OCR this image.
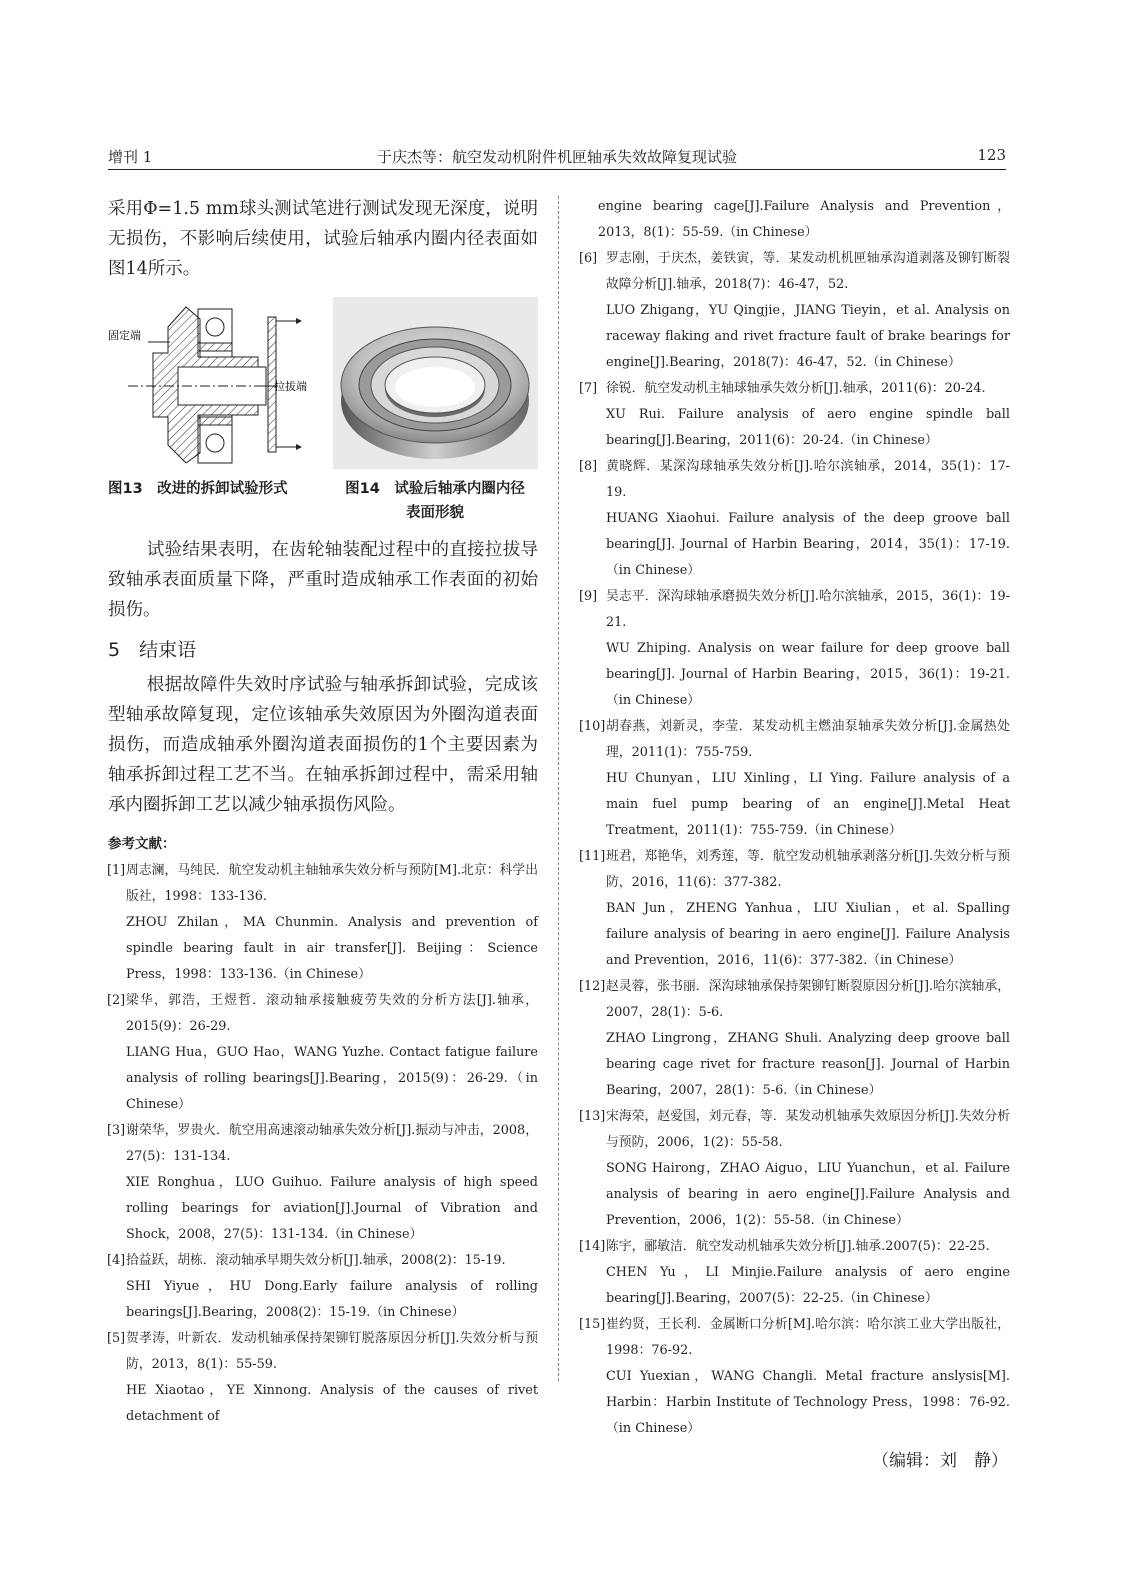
增刊 1	于庆杰等：航空发动机附件机匣轴承失效故障复现试验	123

采用Φ=1.5 mm球头测试笔进行测试发现无深度，说明无损伤，不影响后续使用，试验后轴承内圈内径表面如图14所示。

固定端
拉拔端
图13　改进的拆卸试验形式	图14　试验后轴承内圈内径
表面形貌

试验结果表明，在齿轮轴装配过程中的直接拉拔导致轴承表面质量下降，严重时造成轴承工作表面的初始损伤。

5　结束语

根据故障件失效时序试验与轴承拆卸试验，完成该型轴承故障复现，定位该轴承失效原因为外圈沟道表面损伤，而造成轴承外圈沟道表面损伤的1个主要因素为轴承拆卸过程工艺不当。在轴承拆卸过程中，需采用轴承内圈拆卸工艺以减少轴承损伤风险。

参考文献：
[1] 周志澜，马纯民．航空发动机主轴轴承失效分析与预防[M].北京：科学出版社，1998：133-136.
ZHOU Zhilan，MA Chunmin. Analysis and prevention of spindle bearing fault in air transfer[J]. Beijing：Science Press，1998：133-136.（in Chinese）
[2] 梁华，郭浩，王煜哲．滚动轴承接触疲劳失效的分析方法[J].轴承，2015(9)：26-29.
LIANG Hua，GUO Hao，WANG Yuzhe. Contact fatigue failure analysis of rolling bearings[J].Bearing，2015(9)：26-29.（in Chinese）
[3] 谢荣华，罗贵火．航空用高速滚动轴承失效分析[J].振动与冲击，2008，27(5)：131-134.
XIE Ronghua，LUO Guihuo. Failure analysis of high speed rolling bearings for aviation[J].Journal of Vibration and Shock，2008，27(5)：131-134.（in Chinese）
[4] 拾益跃，胡栋．滚动轴承早期失效分析[J].轴承，2008(2)：15-19.
SHI Yiyue，HU Dong.Early failure analysis of rolling bearings[J].Bearing，2008(2)：15-19.（in Chinese）
[5] 贺孝涛，叶新农．发动机轴承保持架铆钉脱落原因分析[J].失效分析与预防，2013，8(1)：55-59.
HE Xiaotao，YE Xinnong. Analysis of the causes of rivet detachment of
engine bearing cage[J].Failure Analysis and Prevention，2013，8(1)：55-59.（in Chinese）
[6] 罗志刚，于庆杰，姜铁寅，等．某发动机机匣轴承沟道剥落及铆钉断裂故障分析[J].轴承，2018(7)：46-47，52.
LUO Zhigang，YU Qingjie，JIANG Tieyin，et al. Analysis on raceway flaking and rivet fracture fault of brake bearings for engine[J].Bearing，2018(7)：46-47，52.（in Chinese）
[7] 徐锐．航空发动机主轴球轴承失效分析[J].轴承，2011(6)：20-24.
XU Rui. Failure analysis of aero engine spindle ball bearing[J].Bearing，2011(6)：20-24.（in Chinese）
[8] 黄晓辉．某深沟球轴承失效分析[J].哈尔滨轴承，2014，35(1)：17-19.
HUANG Xiaohui. Failure analysis of the deep groove ball bearing[J]. Journal of Harbin Bearing，2014，35(1)：17-19.（in Chinese）
[9] 吴志平．深沟球轴承磨损失效分析[J].哈尔滨轴承，2015，36(1)：19-21.
WU Zhiping. Analysis on wear failure for deep groove ball bearing[J]. Journal of Harbin Bearing，2015，36(1)：19-21.（in Chinese）
[10] 胡春燕，刘新灵，李莹．某发动机主燃油泵轴承失效分析[J].金属热处理，2011(1)：755-759.
HU Chunyan，LIU Xinling，LI Ying. Failure analysis of a main fuel pump bearing of an engine[J].Metal Heat Treatment，2011(1)：755-759.（in Chinese）
[11] 班君，郑艳华，刘秀莲，等．航空发动机轴承剥落分析[J].失效分析与预防，2016，11(6)：377-382.
BAN Jun，ZHENG Yanhua，LIU Xiulian，et al. Spalling failure analysis of bearing in aero engine[J]. Failure Analysis and Prevention，2016，11(6)：377-382.（in Chinese）
[12] 赵灵蓉，张书丽．深沟球轴承保持架铆钉断裂原因分析[J].哈尔滨轴承，2007，28(1)：5-6.
ZHAO Lingrong，ZHANG Shuli. Analyzing deep groove ball bearing cage rivet for fracture reason[J]. Journal of Harbin Bearing，2007，28(1)：5-6.（in Chinese）
[13] 宋海荣，赵爱国，刘元春，等．某发动机轴承失效原因分析[J].失效分析与预防，2006，1(2)：55-58.
SONG Hairong，ZHAO Aiguo，LIU Yuanchun，et al. Failure analysis of bearing in aero engine[J].Failure Analysis and Prevention，2006，1(2)：55-58.（in Chinese）
[14] 陈宇，郦敏洁．航空发动机轴承失效分析[J].轴承.2007(5)：22-25.
CHEN Yu，LI Minjie.Failure analysis of aero engine bearing[J].Bearing，2007(5)：22-25.（in Chinese）
[15] 崔约贤，王长利．金属断口分析[M].哈尔滨：哈尔滨工业大学出版社，1998：76-92.
CUI Yuexian，WANG Changli. Metal fracture anslysis[M]. Harbin：Harbin Institute of Technology Press，1998：76-92.（in Chinese）
（编辑：刘　静）
